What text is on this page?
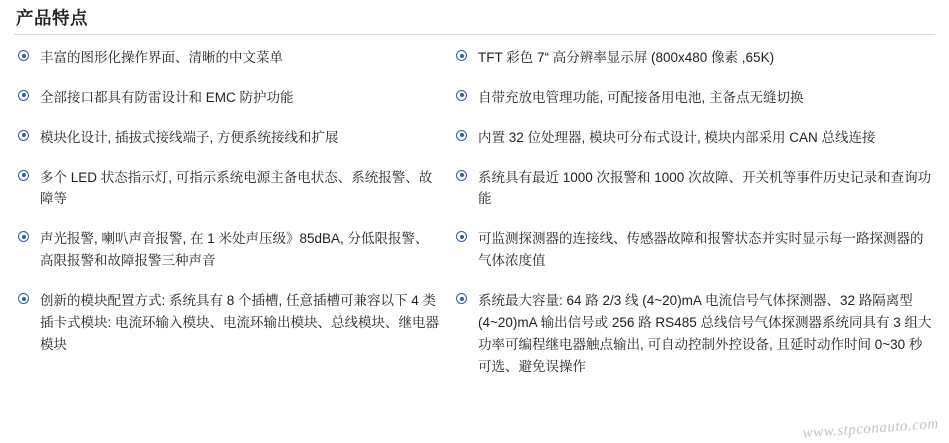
产品特点
丰富的图形化操作界面、清晰的中文菜单
全部接口都具有防雷设计和 EMC 防护功能
模块化设计, 插拔式接线端子, 方便系统接线和扩展
多个 LED 状态指示灯, 可指示系统电源主备电状态、系统报警、故障等
声光报警, 喇叭声音报警, 在 1 米处声压级》85dBA, 分低限报警、高限报警和故障报警三种声音
创新的模块配置方式: 系统具有 8 个插槽, 任意插槽可兼容以下 4 类插卡式模块: 电流环输入模块、电流环输出模块、总线模块、继电器模块
TFT 彩色 7“ 高分辨率显示屏 (800x480 像素 ,65K)
自带充放电管理功能, 可配接备用电池, 主备点无缝切换
内置 32 位处理器, 模块可分布式设计, 模块内部采用 CAN 总线连接
系统具有最近 1000 次报警和 1000 次故障、开关机等事件历史记录和查询功能
可监测探测器的连接线、传感器故障和报警状态并实时显示每一路探测器的气体浓度值
系统最大容量: 64 路 2/3 线 (4~20)mA 电流信号气体探测器、32 路隔离型 (4~20)mA 输出信号或 256 路 RS485 总线信号气体探测器系统同具有 3 组大功率可编程继电器触点输出, 可自动控制外控设备, 且延时动作时间 0~30 秒可选、避免误操作
www.stpconauto.com
